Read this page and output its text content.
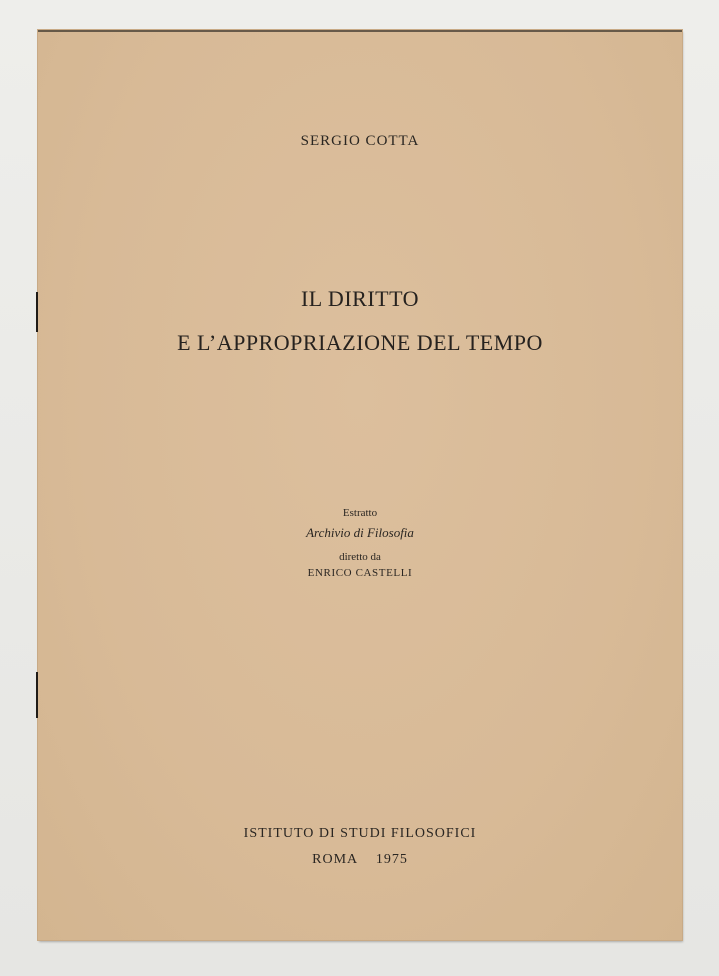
SERGIO COTTA
IL DIRITTO
E L’APPROPRIAZIONE DEL TEMPO
Estratto
Archivio di Filosofia
diretto da
ENRICO CASTELLI
ISTITUTO DI STUDI FILOSOFICI
ROMA 1975
